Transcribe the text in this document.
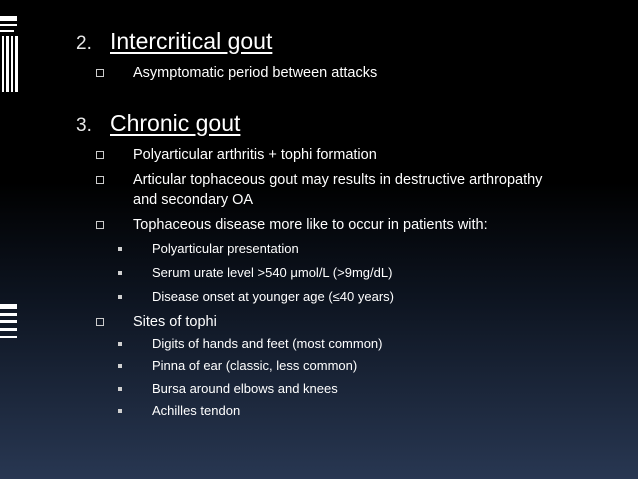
2. Intercritical gout
Asymptomatic period between attacks
3. Chronic gout
Polyarticular arthritis + tophi formation
Articular tophaceous gout may results in destructive arthropathy and secondary OA
Tophaceous disease more like to occur in patients with:
Polyarticular presentation
Serum urate level >540 μmol/L (>9mg/dL)
Disease onset at younger age (≤40 years)
Sites of tophi
Digits of hands and feet (most common)
Pinna of ear (classic, less common)
Bursa around elbows and knees
Achilles tendon
